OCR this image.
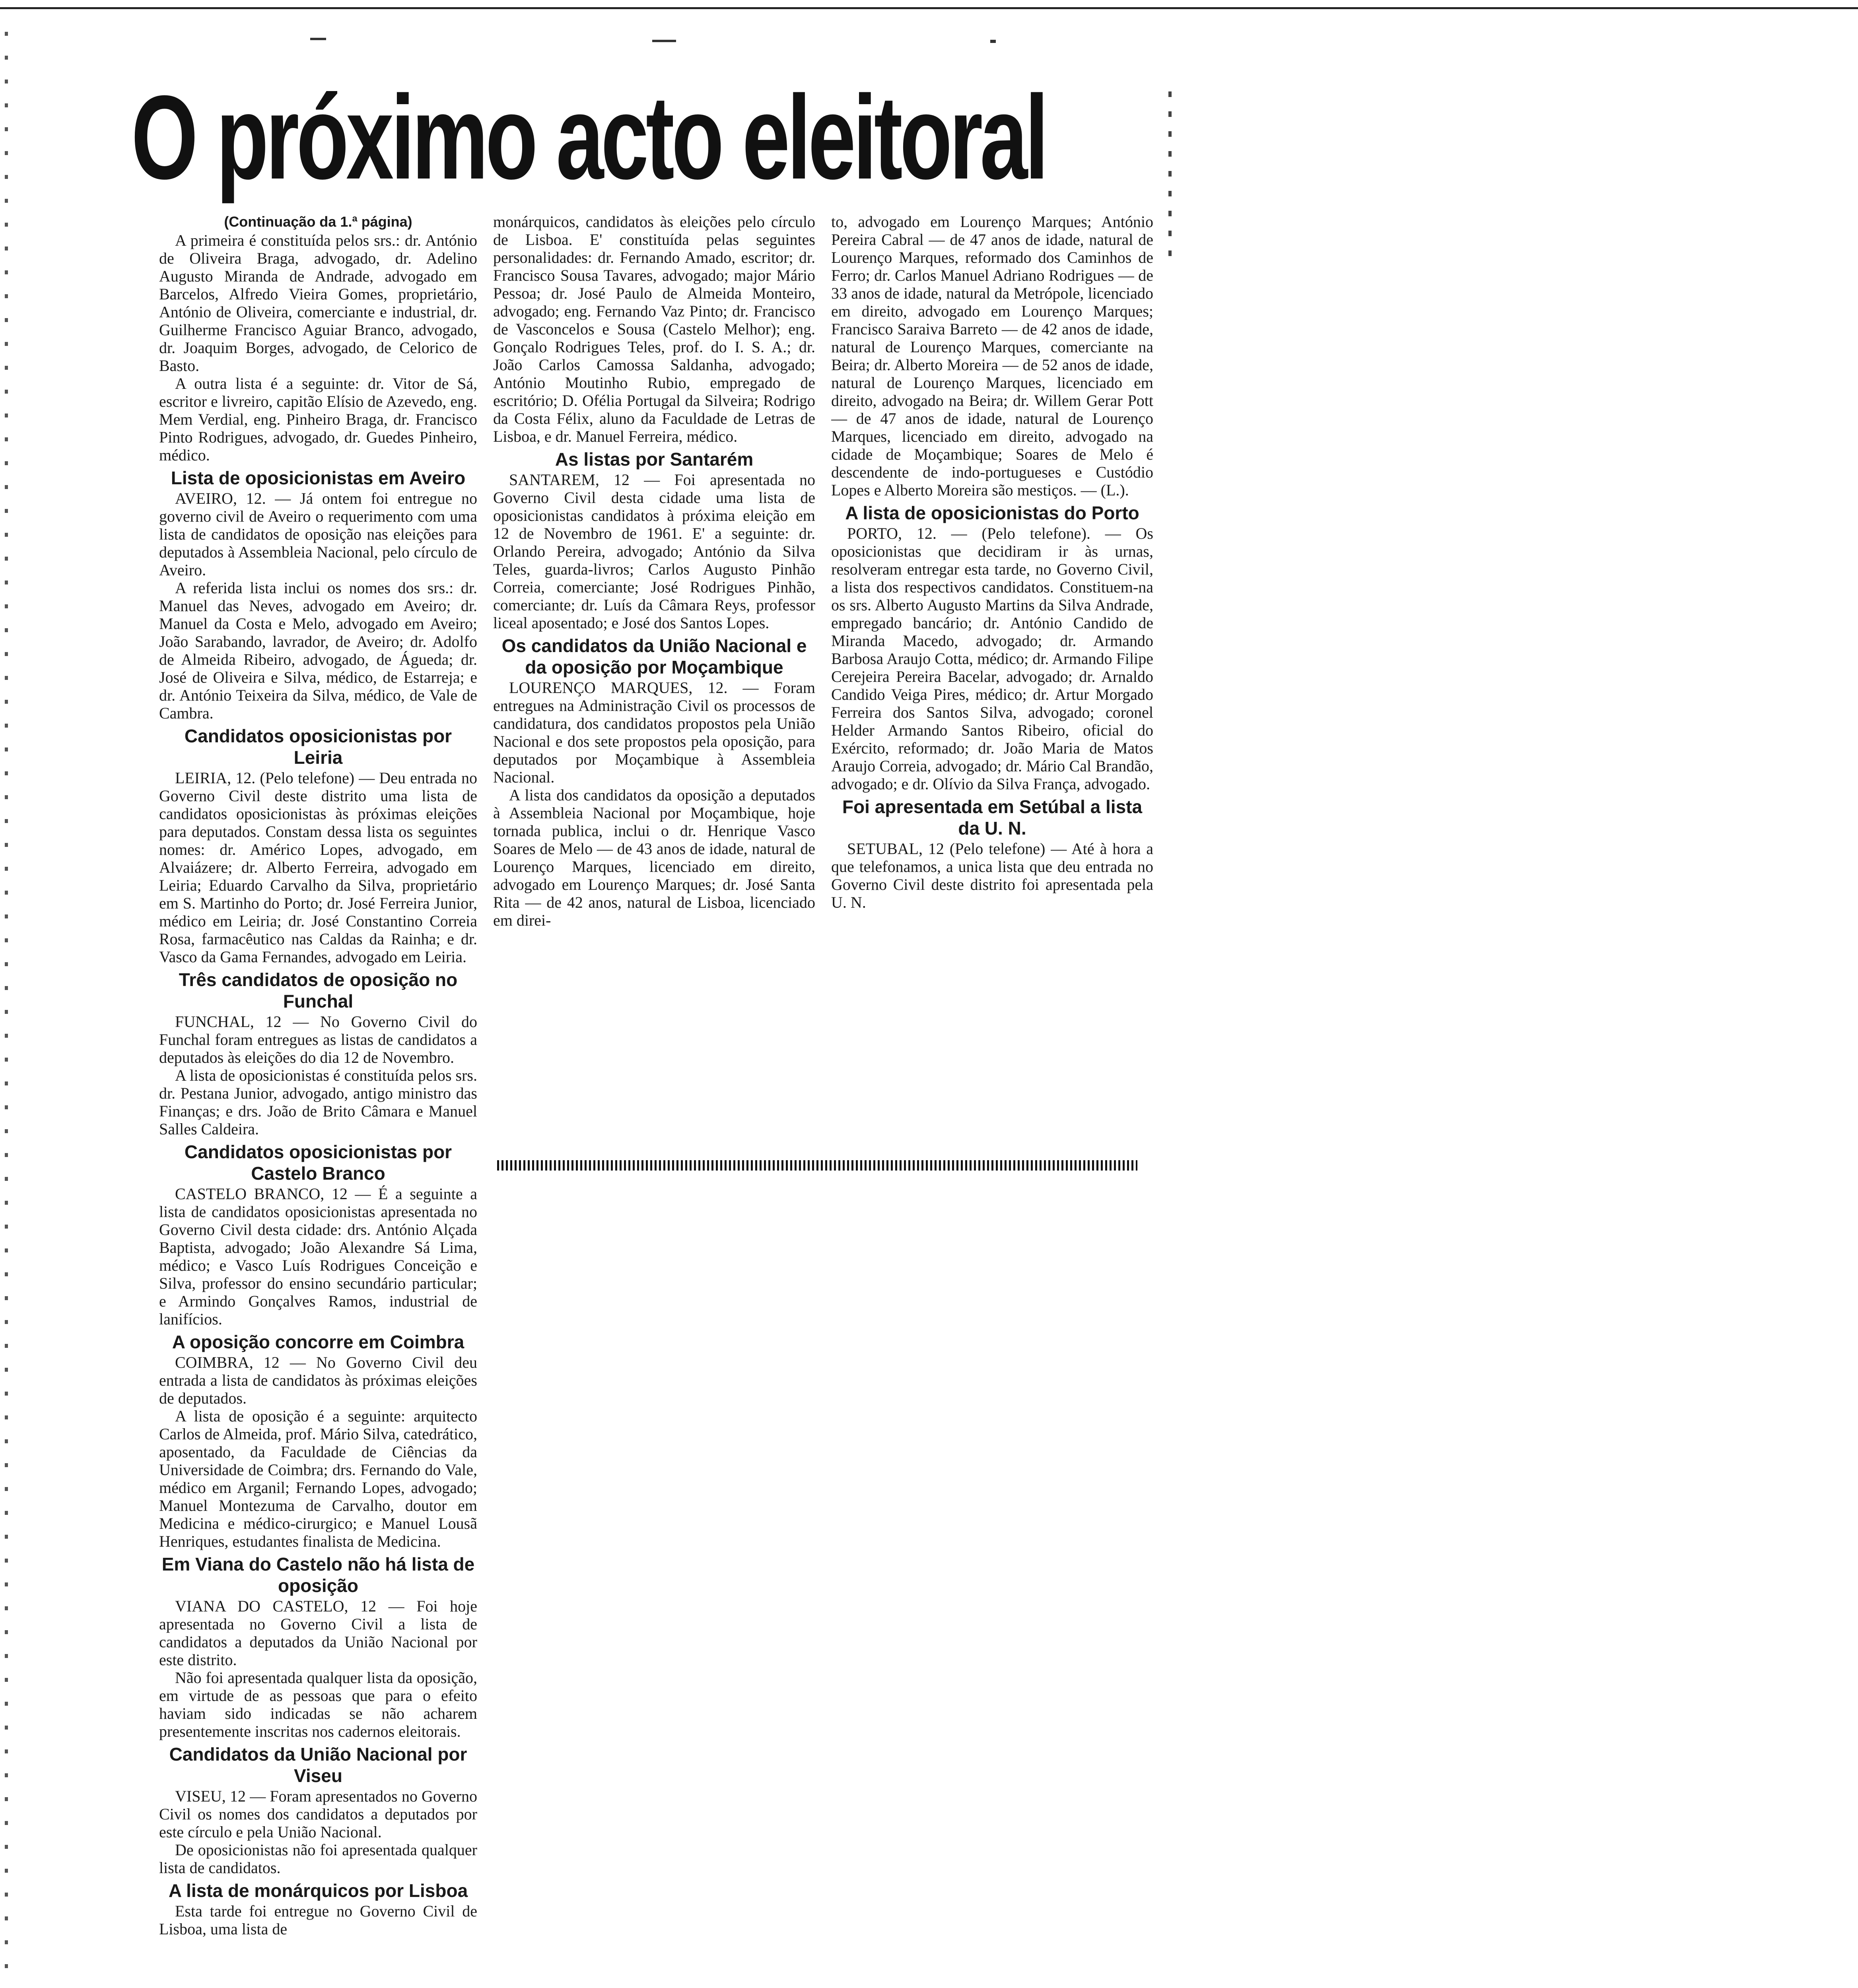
O próximo acto eleitoral
(Continuação da 1.ª página)

A primeira é constituída pelos srs.: dr. António de Oliveira Braga, advogado, dr. Adelino Augusto Miranda de Andrade, advogado em Barcelos, Alfredo Vieira Gomes, proprietário, António de Oliveira, comerciante e industrial, dr. Guilherme Francisco Aguiar Branco, advogado, dr. Joaquim Borges, advogado, de Celorico de Basto.

A outra lista é a seguinte: dr. Vitor de Sá, escritor e livreiro, capitão Elísio de Azevedo, eng. Mem Verdial, eng. Pinheiro Braga, dr. Francisco Pinto Rodrigues, advogado, dr. Guedes Pinheiro, médico.

Lista de oposicionistas em Aveiro

AVEIRO, 12. — Já ontem foi entregue no governo civil de Aveiro o requerimento com uma lista de candidatos de oposição nas eleições para deputados à Assembleia Nacional, pelo círculo de Aveiro.

A referida lista inclui os nomes dos srs.: dr. Manuel das Neves, advogado em Aveiro; dr. Manuel da Costa e Melo, advogado em Aveiro; João Sarabando, lavrador, de Aveiro; dr. Adolfo de Almeida Ribeiro, advogado, de Águeda; dr. José de Oliveira e Silva, médico, de Estarreja; e dr. António Teixeira da Silva, médico, de Vale de Cambra.

Candidatos oposicionistas por Leiria

LEIRIA, 12. (Pelo telefone) — Deu entrada no Governo Civil deste distrito uma lista de candidatos oposicionistas às próximas eleições para deputados. Constam dessa lista os seguintes nomes: dr. Américo Lopes, advogado, em Alvaiázere; dr. Alberto Ferreira, advogado em Leiria; Eduardo Carvalho da Silva, proprietário em S. Martinho do Porto; dr. José Ferreira Junior, médico em Leiria; dr. José Constantino Correia Rosa, farmacêutico nas Caldas da Rainha; e dr. Vasco da Gama Fernandes, advogado em Leiria.

Três candidatos de oposição no Funchal

FUNCHAL, 12 — No Governo Civil do Funchal foram entregues as listas de candidatos a deputados às eleições do dia 12 de Novembro.

A lista de oposicionistas é constituída pelos srs. dr. Pestana Junior, advogado, antigo ministro das Finanças; e drs. João de Brito Câmara e Manuel Salles Caldeira.

Candidatos oposicionistas por Castelo Branco

CASTELO BRANCO, 12 — É a seguinte a lista de candidatos oposicionistas apresentada no Governo Civil desta cidade: drs. António Alçada Baptista, advogado; João Alexandre Sá Lima, médico; e Vasco Luís Rodrigues Conceição e Silva, professor do ensino secundário particular; e Armindo Gonçalves Ramos, industrial de lanifícios.

A oposição concorre em Coimbra

COIMBRA, 12 — No Governo Civil deu entrada a lista de candidatos às próximas eleições de deputados.

A lista de oposição é a seguinte: arquitecto Carlos de Almeida, prof. Mário Silva, catedrático, aposentado, da Faculdade de Ciências da Universidade de Coimbra; drs. Fernando do Vale, médico em Arganil; Fernando Lopes, advogado; Manuel Montezuma de Carvalho, doutor em Medicina e médico-cirurgico; e Manuel Lousã Henriques, estudantes finalista de Medicina.

Em Viana do Castelo não há lista de oposição

VIANA DO CASTELO, 12 — Foi hoje apresentada no Governo Civil a lista de candidatos a deputados da União Nacional por este distrito.

Não foi apresentada qualquer lista da oposição, em virtude de as pessoas que para o efeito haviam sido indicadas se não acharem presentemente inscritas nos cadernos eleitorais.

Candidatos da União Nacional por Viseu

VISEU, 12 — Foram apresentados no Governo Civil os nomes dos candidatos a deputados por este círculo e pela União Nacional.

De oposicionistas não foi apresentada qualquer lista de candidatos.

A lista de monárquicos por Lisboa

Esta tarde foi entregue no Governo Civil de Lisboa, uma lista de

monárquicos, candidatos às eleições pelo círculo de Lisboa. E' constituída pelas seguintes personalidades: dr. Fernando Amado, escritor; dr. Francisco Sousa Tavares, advogado; major Mário Pessoa; dr. José Paulo de Almeida Monteiro, advogado; eng. Fernando Vaz Pinto; dr. Francisco de Vasconcelos e Sousa (Castelo Melhor); eng. Gonçalo Rodrigues Teles, prof. do I. S. A.; dr. João Carlos Camossa Saldanha, advogado; António Moutinho Rubio, empregado de escritório; D. Ofélia Portugal da Silveira; Rodrigo da Costa Félix, aluno da Faculdade de Letras de Lisboa, e dr. Manuel Ferreira, médico.

As listas por Santarém

SANTAREM, 12 — Foi apresentada no Governo Civil desta cidade uma lista de oposicionistas candidatos à próxima eleição em 12 de Novembro de 1961. E' a seguinte: dr. Orlando Pereira, advogado; António da Silva Teles, guarda-livros; Carlos Augusto Pinhão Correia, comerciante; José Rodrigues Pinhão, comerciante; dr. Luís da Câmara Reys, professor liceal aposentado; e José dos Santos Lopes.

Os candidatos da União Nacional e da oposição por Moçambique

LOURENÇO MARQUES, 12. — Foram entregues na Administração Civil os processos de candidatura, dos candidatos propostos pela União Nacional e dos sete propostos pela oposição, para deputados por Moçambique à Assembleia Nacional.

A lista dos candidatos da oposição a deputados à Assembleia Nacional por Moçambique, hoje tornada publica, inclui o dr. Henrique Vasco Soares de Melo — de 43 anos de idade, natural de Lourenço Marques, licenciado em direito, advogado em Lourenço Marques; dr. José Santa Rita — de 42 anos, natural de Lisboa, licenciado em direi-

to, advogado em Lourenço Marques; António Pereira Cabral — de 47 anos de idade, natural de Lourenço Marques, reformado dos Caminhos de Ferro; dr. Carlos Manuel Adriano Rodrigues — de 33 anos de idade, natural da Metrópole, licenciado em direito, advogado em Lourenço Marques; Francisco Saraiva Barreto — de 42 anos de idade, natural de Lourenço Marques, comerciante na Beira; dr. Alberto Moreira — de 52 anos de idade, natural de Lourenço Marques, licenciado em direito, advogado na Beira; dr. Willem Gerar Pott — de 47 anos de idade, natural de Lourenço Marques, licenciado em direito, advogado na cidade de Moçambique; Soares de Melo é descendente de indo-portugueses e Custódio Lopes e Alberto Moreira são mestiços. — (L.).

A lista de oposicionistas do Porto

PORTO, 12. — (Pelo telefone). — Os oposicionistas que decidiram ir às urnas, resolveram entregar esta tarde, no Governo Civil, a lista dos respectivos candidatos. Constituem-na os srs. Alberto Augusto Martins da Silva Andrade, empregado bancário; dr. António Candido de Miranda Macedo, advogado; dr. Armando Barbosa Araujo Cotta, médico; dr. Armando Filipe Cerejeira Pereira Bacelar, advogado; dr. Arnaldo Candido Veiga Pires, médico; dr. Artur Morgado Ferreira dos Santos Silva, advogado; coronel Helder Armando Santos Ribeiro, oficial do Exército, reformado; dr. João Maria de Matos Araujo Correia, advogado; dr. Mário Cal Brandão, advogado; e dr. Olívio da Silva França, advogado.

Foi apresentada em Setúbal a lista da U. N.

SETUBAL, 12 (Pelo telefone) — Até à hora a que telefonamos, a unica lista que deu entrada no Governo Civil deste distrito foi apresentada pela U. N.
